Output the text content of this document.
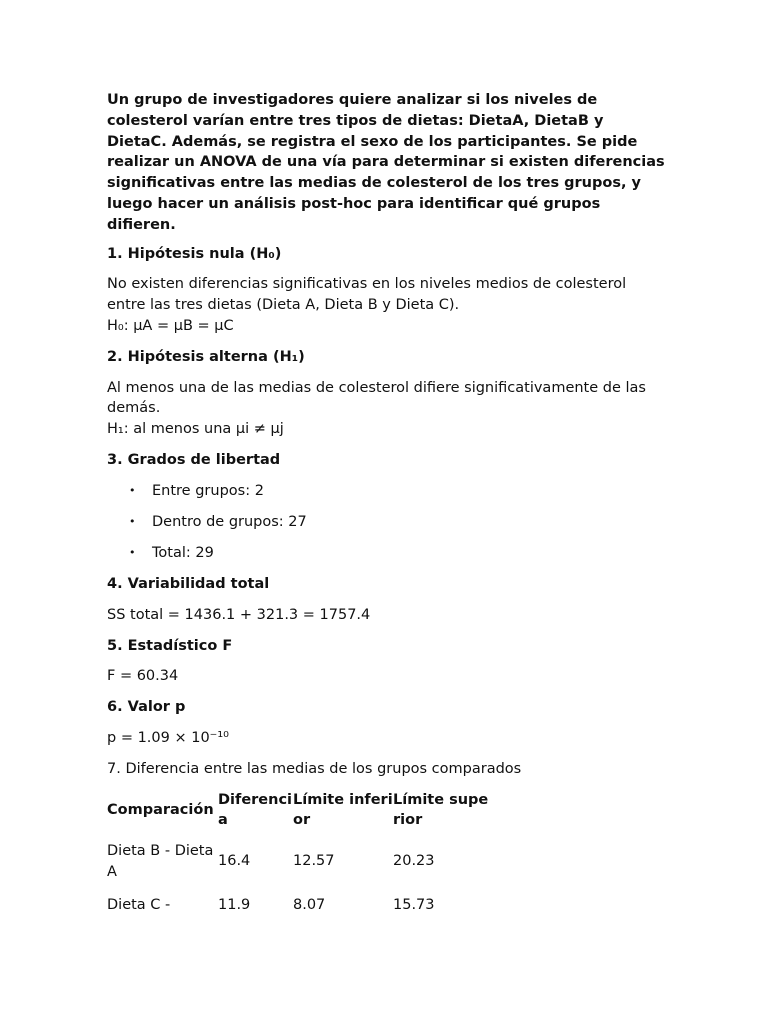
Un grupo de investigadores quiere analizar si los niveles de colesterol varían entre tres tipos de dietas: DietaA, DietaB y DietaC. Además, se registra el sexo de los participantes. Se pide realizar un ANOVA de una vía para determinar si existen diferencias significativas entre las medias de colesterol de los tres grupos, y luego hacer un análisis post-hoc para identificar qué grupos difieren.

1. Hipótesis nula (H₀)
No existen diferencias significativas en los niveles medios de colesterol entre las tres dietas (Dieta A, Dieta B y Dieta C).
H₀: μA = μB = μC
2. Hipótesis alterna (H₁)
Al menos una de las medias de colesterol difiere significativamente de las demás.
H₁: al menos una μi ≠ μj
3. Grados de libertad
• Entre grupos: 2
• Dentro de grupos: 27
• Total: 29
4. Variabilidad total
SS total = 1436.1 + 321.3 = 1757.4
5. Estadístico F
F = 60.34
6. Valor p
p = 1.09 × 10⁻¹⁰
7. Diferencia entre las medias de los grupos comparados
Comparación	Diferencia	Límite inferior	Límite superior
Dieta B - Dieta A	16.4	12.57	20.23
Dieta C -	11.9	8.07	15.73
